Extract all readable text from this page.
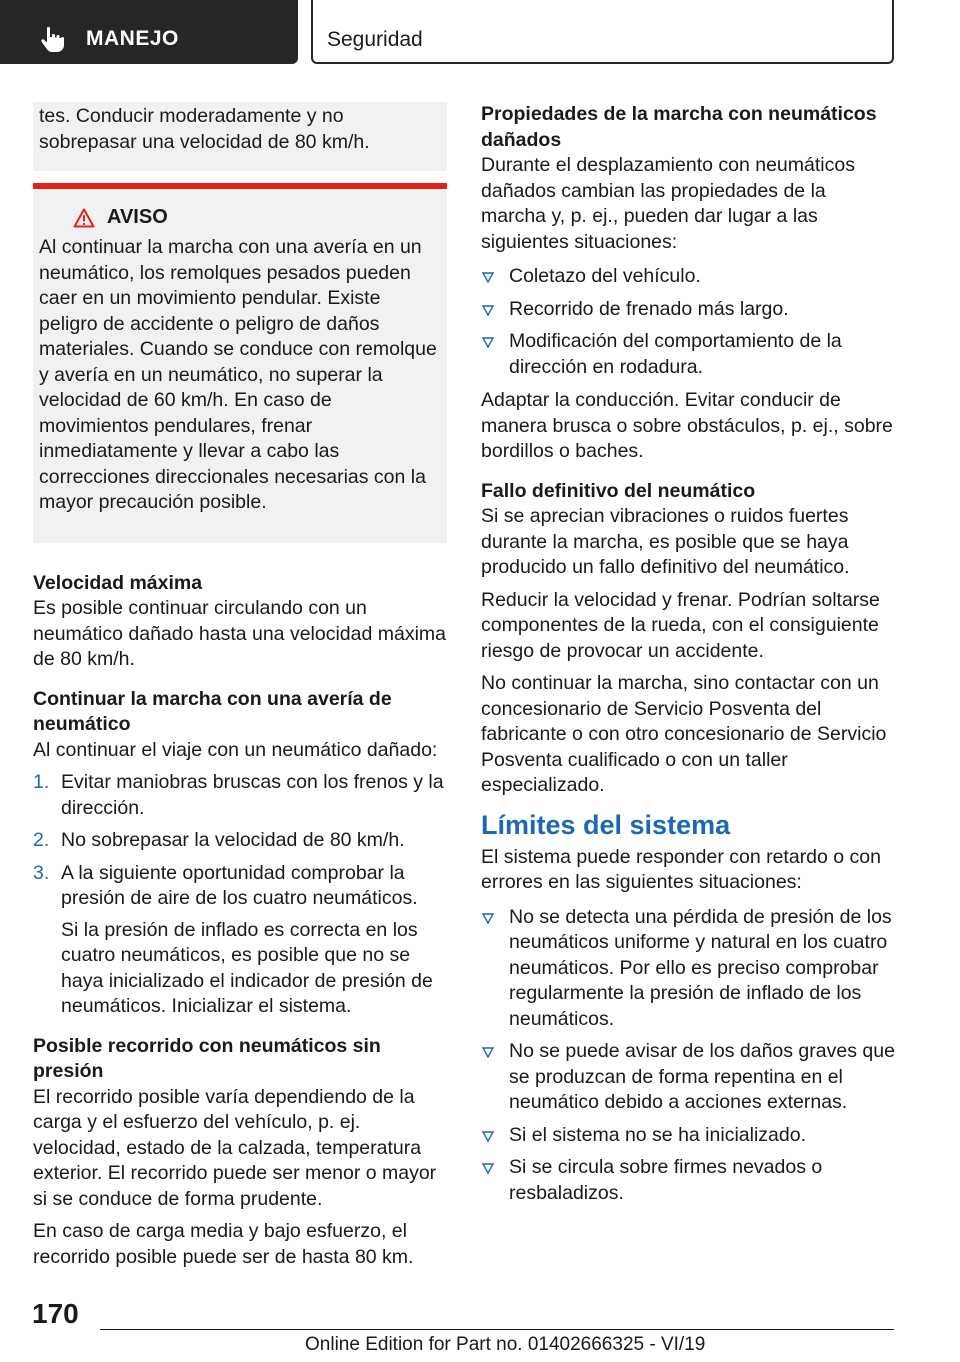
MANEJO	Seguridad

tes. Conducir moderadamente y no sobrepasar una velocidad de 80 km/h.

AVISO

Al continuar la marcha con una avería en un neumático, los remolques pesados pueden caer en un movimiento pendular. Existe peligro de accidente o peligro de daños materiales. Cuando se conduce con remolque y avería en un neumático, no superar la velocidad de 60 km/h. En caso de movimientos pendulares, frenar inmediatamente y llevar a cabo las correcciones direccionales necesarias con la mayor precaución posible.

Velocidad máxima

Es posible continuar circulando con un neumático dañado hasta una velocidad máxima de 80 km/h.

Continuar la marcha con una avería de neumático

Al continuar el viaje con un neumático dañado:

1. Evitar maniobras bruscas con los frenos y la dirección.
2. No sobrepasar la velocidad de 80 km/h.
3. A la siguiente oportunidad comprobar la presión de aire de los cuatro neumáticos.

Si la presión de inflado es correcta en los cuatro neumáticos, es posible que no se haya inicializado el indicador de presión de neumáticos. Inicializar el sistema.

Posible recorrido con neumáticos sin presión

El recorrido posible varía dependiendo de la carga y el esfuerzo del vehículo, p. ej. velocidad, estado de la calzada, temperatura exterior. El recorrido puede ser menor o mayor si se conduce de forma prudente.

En caso de carga media y bajo esfuerzo, el recorrido posible puede ser de hasta 80 km.

Propiedades de la marcha con neumáticos dañados

Durante el desplazamiento con neumáticos dañados cambian las propiedades de la marcha y, p. ej., pueden dar lugar a las siguientes situaciones:

Coletazo del vehículo.
Recorrido de frenado más largo.
Modificación del comportamiento de la dirección en rodadura.

Adaptar la conducción. Evitar conducir de manera brusca o sobre obstáculos, p. ej., sobre bordillos o baches.

Fallo definitivo del neumático

Si se aprecian vibraciones o ruidos fuertes durante la marcha, es posible que se haya producido un fallo definitivo del neumático.

Reducir la velocidad y frenar. Podrían soltarse componentes de la rueda, con el consiguiente riesgo de provocar un accidente.

No continuar la marcha, sino contactar con un concesionario de Servicio Posventa del fabricante o con otro concesionario de Servicio Posventa cualificado o con un taller especializado.

Límites del sistema

El sistema puede responder con retardo o con errores en las siguientes situaciones:

No se detecta una pérdida de presión de los neumáticos uniforme y natural en los cuatro neumáticos. Por ello es preciso comprobar regularmente la presión de inflado de los neumáticos.
No se puede avisar de los daños graves que se produzcan de forma repentina en el neumático debido a acciones externas.
Si el sistema no se ha inicializado.
Si se circula sobre firmes nevados o resbaladizos.
170
Online Edition for Part no. 01402666325 - VI/19
